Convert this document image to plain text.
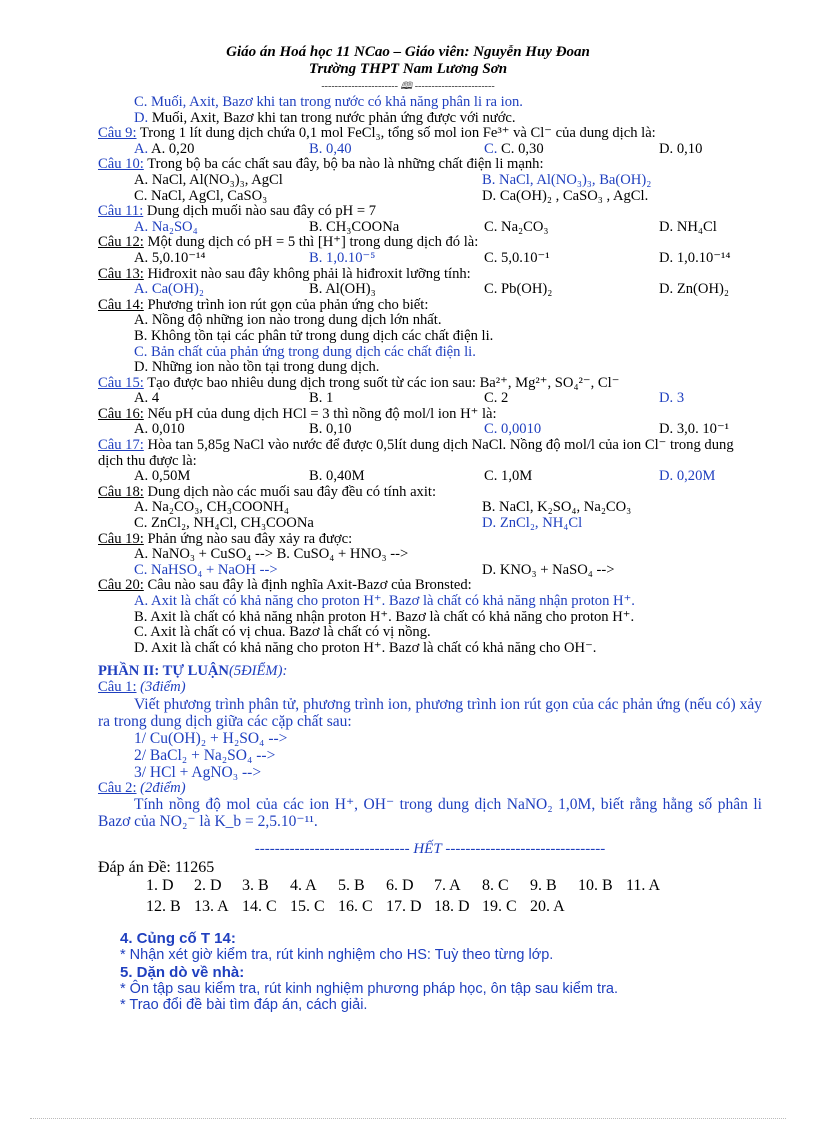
Giáo án Hoá học 11 NCao – Giáo viên: Nguyễn Huy Đoan
Trường THPT Nam Lương Sơn
----------------------- 🕮 ------------------------
C. Muối, Axit, Bazơ khi tan trong nước có khả năng phân li ra ion.
D. Muối, Axit, Bazơ khi tan trong nước phản ứng được với nước.
Câu 9: Trong 1 lít dung dịch chứa 0,1 mol FeCl₃, tổng số mol ion Fe³⁺ và Cl⁻ của dung dịch là:
A. A. 0,20	B. 0,40	C. C. 0,30	D. 0,10
Câu 10: Trong bộ ba các chất sau đây, bộ ba nào là những chất điện li mạnh:
A. NaCl, Al(NO₃)₃, AgCl	B. NaCl, Al(NO₃)₃, Ba(OH)₂
C. NaCl, AgCl, CaSO₃	D. Ca(OH)₂ , CaSO₃ , AgCl.
Câu 11: Dung dịch muối nào sau đây có pH = 7
A. Na₂SO₄	B. CH₃COONa	C. Na₂CO₃	D. NH₄Cl
Câu 12: Một dung dịch có pH = 5 thì [H⁺] trong dung dịch đó là:
A. 5,0.10⁻¹⁴	B. 1,0.10⁻⁵	C. 5,0.10⁻¹	D. 1,0.10⁻¹⁴
Câu 13: Hiđroxit nào sau đây không phải là hiđroxit lưỡng tính:
A. Ca(OH)₂	B. Al(OH)₃	C. Pb(OH)₂	D. Zn(OH)₂
Câu 14: Phương trình ion rút gọn của phản ứng cho biết:
A. Nồng độ những ion nào trong dung dịch lớn nhất.
B. Không tồn tại các phân tử trong dung dịch các chất điện li.
C. Bản chất của phản ứng trong dung dịch các chất điện li.
D. Những ion nào tồn tại trong dung dịch.
Câu 15: Tạo được bao nhiêu dung dịch trong suốt từ các ion sau: Ba²⁺, Mg²⁺, SO₄²⁻, Cl⁻
A. 4	B. 1	C. 2	D. 3
Câu 16: Nếu pH của dung dịch HCl = 3 thì nồng độ mol/l ion H⁺ là:
A. 0,010	B. 0,10	C. 0,0010	D. 3,0. 10⁻¹
Câu 17: Hòa tan 5,85g NaCl vào nước để được 0,5lít dung dịch NaCl. Nồng độ mol/l của ion Cl⁻ trong dung dịch thu được là:
A. 0,50M	B. 0,40M	C. 1,0M	D. 0,20M
Câu 18: Dung dịch nào các muối sau đây đều có tính axit:
A. Na₂CO₃, CH₃COONH₄	B. NaCl, K₂SO₄, Na₂CO₃
C. ZnCl₂, NH₄Cl, CH₃COONa	D. ZnCl₂, NH₄Cl
Câu 19: Phản ứng nào sau đây xảy ra được:
A. NaNO₃ + CuSO₄ --> B. CuSO₄ + HNO₃ -->
C. NaHSO₄ + NaOH -->	D. KNO₃ + NaSO₄ -->
Câu 20: Câu nào sau đây là định nghĩa Axit-Bazơ của Bronsted:
A. Axit là chất có khả năng cho proton H⁺. Bazơ là chất có khả năng nhận proton H⁺.
B. Axit là chất có khả năng nhận proton H⁺. Bazơ là chất có khả năng cho proton H⁺.
C. Axit là chất có vị chua. Bazơ là chất có vị nồng.
D. Axit là chất có khả năng cho proton H⁺. Bazơ là chất có khả năng cho OH⁻.
PHẦN II: TỰ LUẬN(5ĐIỂM):
Câu 1: (3điểm)
Viết phương trình phân tử, phương trình ion, phương trình ion rút gọn của các phản ứng (nếu có) xảy ra trong dung dịch giữa các cặp chất sau:
1/ Cu(OH)₂ + H₂SO₄ -->
2/ BaCl₂ + Na₂SO₄ -->
3/ HCl + AgNO₃ -->
Câu 2: (2điểm)
Tính nồng độ mol của các ion H⁺, OH⁻ trong dung dịch NaNO₂ 1,0M, biết rằng hằng số phân li Bazơ của NO₂⁻ là K_b = 2,5.10⁻¹¹.
------------------------------- HẾT --------------------------------
Đáp án Đề: 11265
1. D 2. D 3. B 4. A 5. B 6. D 7. A 8. C 9. B 10. B 11. A
12. B 13. A 14. C 15. C 16. C 17. D 18. D 19. C 20. A
4. Củng cố T 14:
* Nhận xét giờ kiểm tra, rút kinh nghiệm cho HS: Tuỳ theo từng lớp.
5. Dặn dò về nhà:
* Ôn tập sau kiểm tra, rút kinh nghiệm phương pháp học, ôn tập sau kiểm tra.
* Trao đổi đề bài tìm đáp án, cách giải.
